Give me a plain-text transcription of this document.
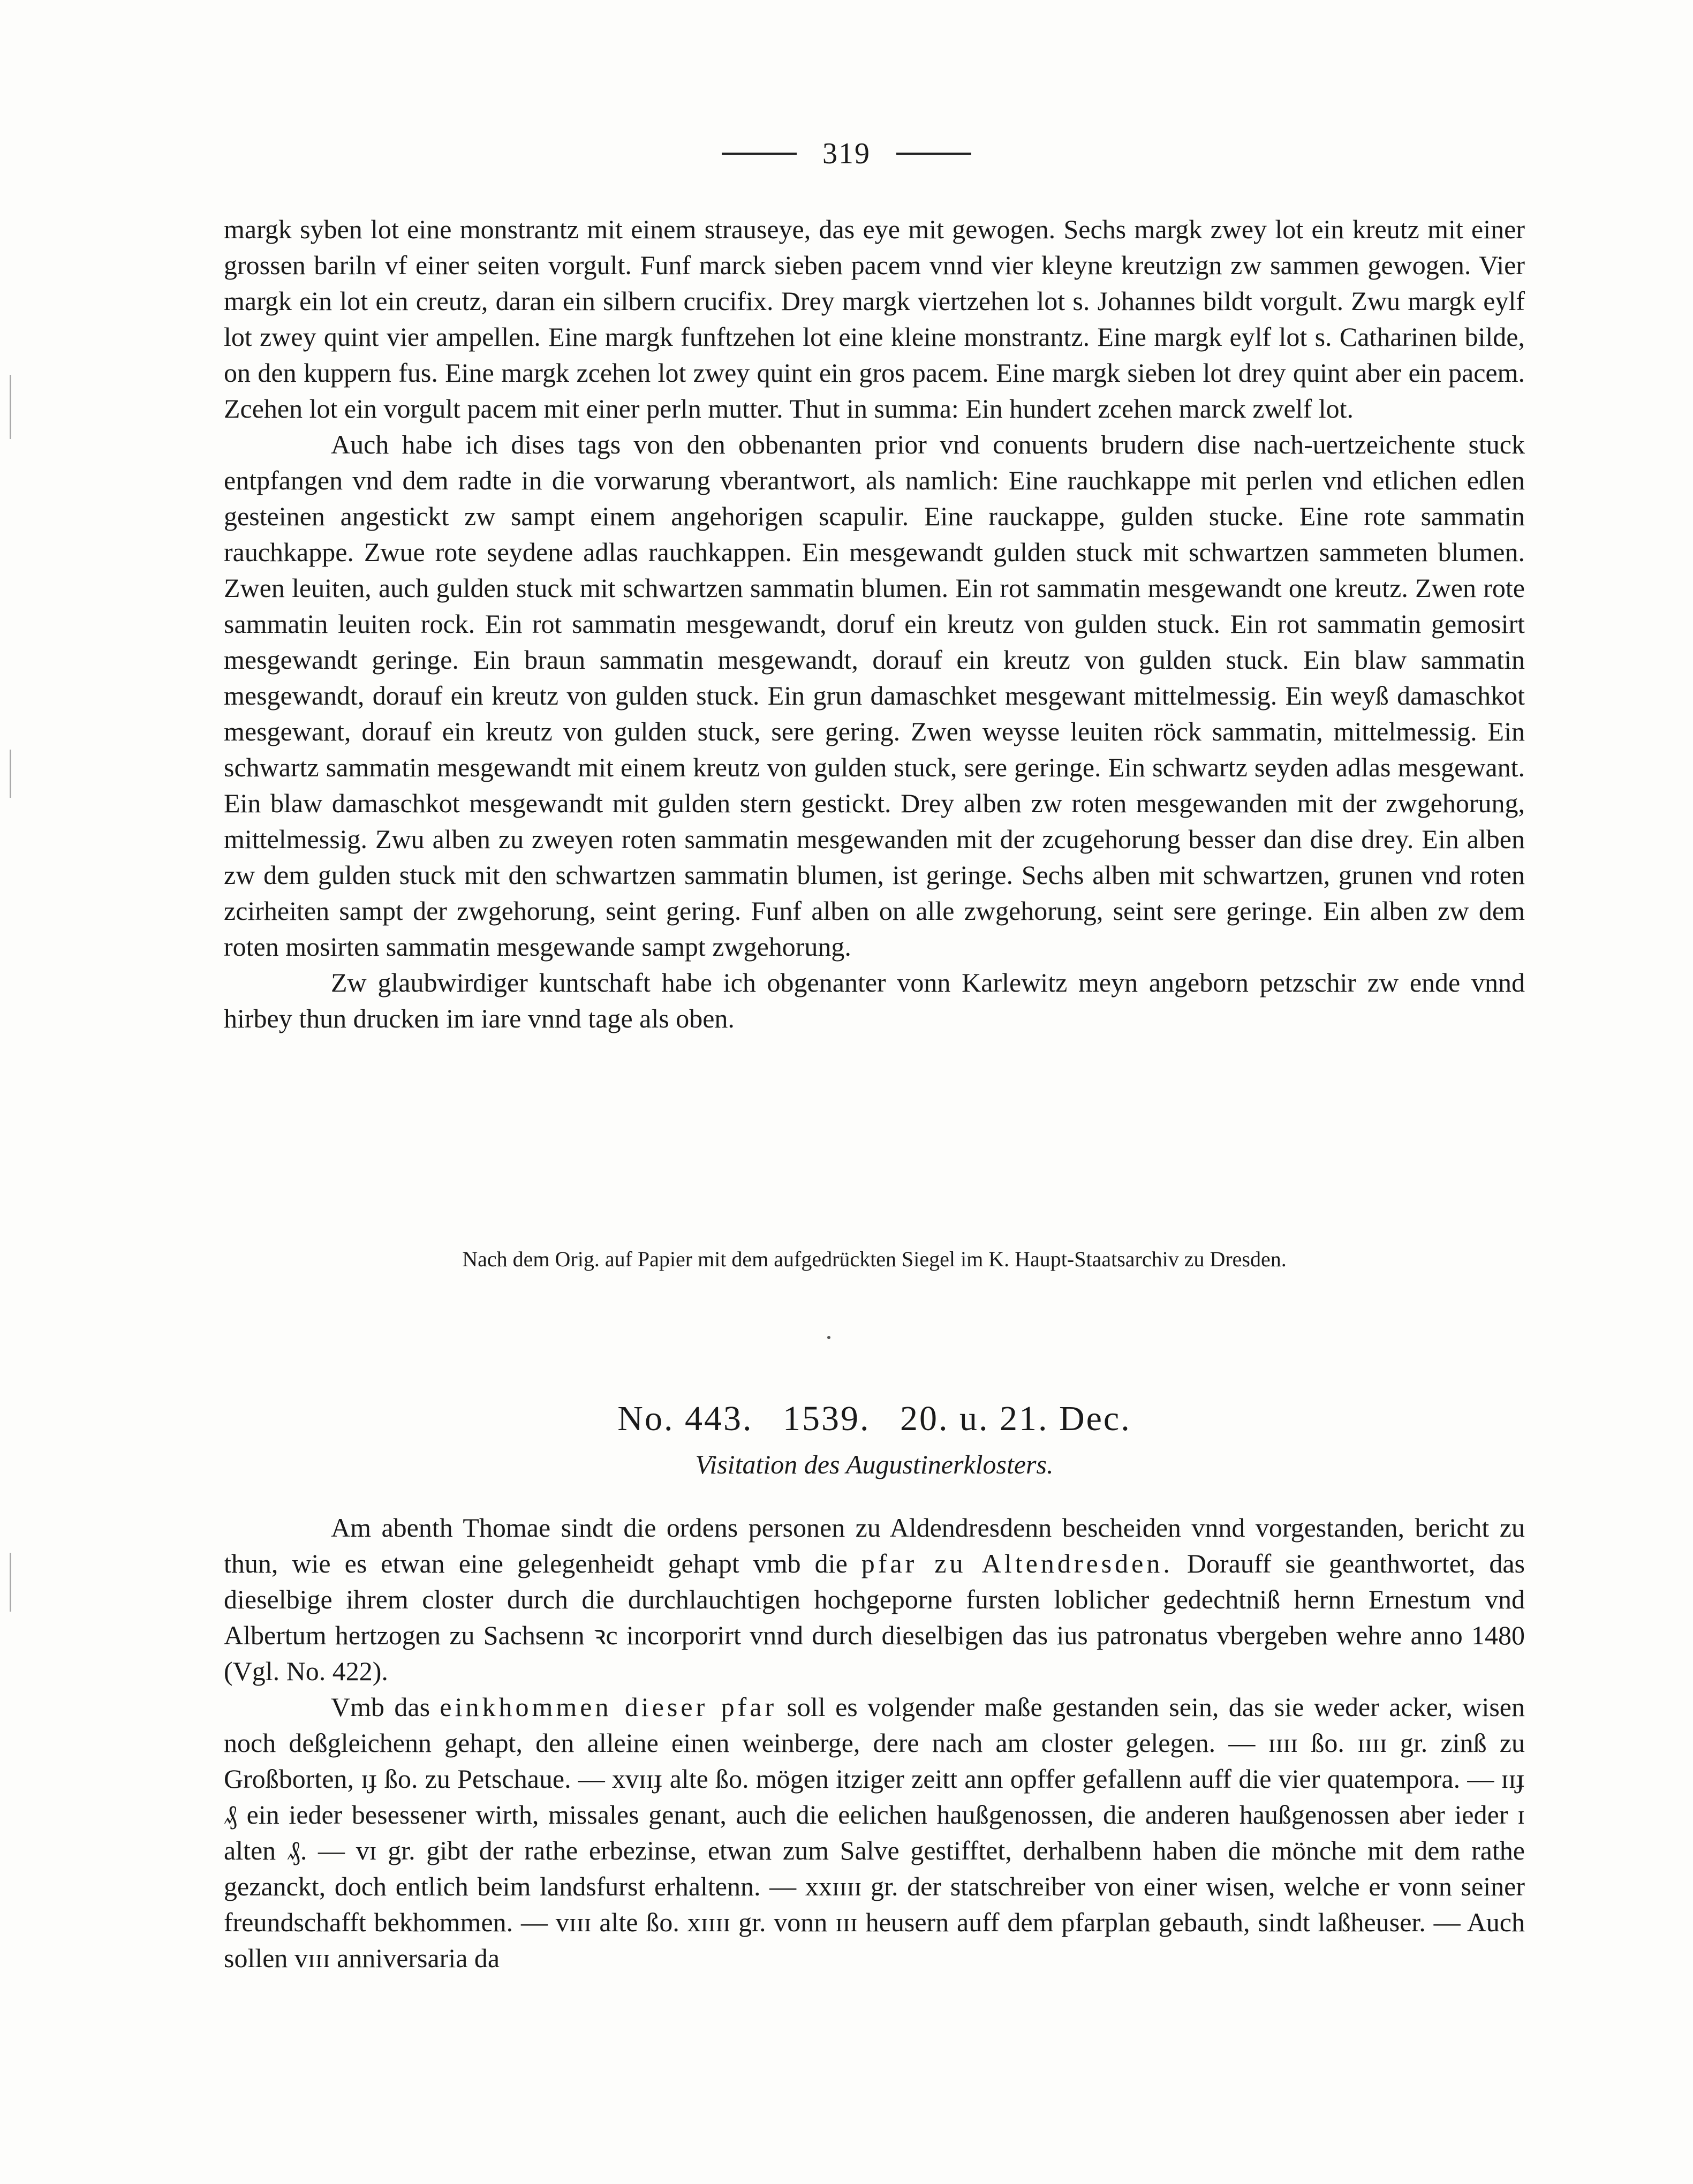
319

margk syben lot eine monstrantz mit einem strauseye, das eye mit gewogen. Sechs margk zwey lot ein kreutz mit einer grossen bariln vf einer seiten vorgult. Funf marck sieben pacem vnnd vier kleyne kreutzign zw sammen gewogen. Vier margk ein lot ein creutz, daran ein silbern crucifix. Drey margk viertzehen lot s. Johannes bildt vorgult. Zwu margk eylf lot zwey quint vier ampellen. Eine margk funftzehen lot eine kleine monstrantz. Eine margk eylf lot s. Catharinen bilde, on den kuppern fus. Eine margk zcehen lot zwey quint ein gros pacem. Eine margk sieben lot drey quint aber ein pacem. Zcehen lot ein vorgult pacem mit einer perln mutter. Thut in summa: Ein hundert zcehen marck zwelf lot.

Auch habe ich dises tags von den obbenanten prior vnd conuents brudern dise nach-uertzeichente stuck entpfangen vnd dem radte in die vorwarung vberantwort, als namlich: Eine rauchkappe mit perlen vnd etlichen edlen gesteinen angestickt zw sampt einem angehorigen scapulir. Eine rauckappe, gulden stucke. Eine rote sammatin rauchkappe. Zwue rote seydene adlas rauchkappen. Ein mesgewandt gulden stuck mit schwartzen sammeten blumen. Zwen leuiten, auch gulden stuck mit schwartzen sammatin blumen. Ein rot sammatin mesgewandt one kreutz. Zwen rote sammatin leuiten rock. Ein rot sammatin mesgewandt, doruf ein kreutz von gulden stuck. Ein rot sammatin gemosirt mesgewandt geringe. Ein braun sammatin mesgewandt, dorauf ein kreutz von gulden stuck. Ein blaw sammatin mesgewandt, dorauf ein kreutz von gulden stuck. Ein grun damaschket mesgewant mittelmessig. Ein weyß damaschkot mesgewant, dorauf ein kreutz von gulden stuck, sere gering. Zwen weysse leuiten röck sammatin, mittelmessig. Ein schwartz sammatin mesgewandt mit einem kreutz von gulden stuck, sere geringe. Ein schwartz seyden adlas mesgewant. Ein blaw damaschkot mesgewandt mit gulden stern gestickt. Drey alben zw roten mesgewanden mit der zwgehorung, mittelmessig. Zwu alben zu zweyen roten sammatin mesgewanden mit der zcugehorung besser dan dise drey. Ein alben zw dem gulden stuck mit den schwartzen sammatin blumen, ist geringe. Sechs alben mit schwartzen, grunen vnd roten zcirheiten sampt der zwgehorung, seint gering. Funf alben on alle zwgehorung, seint sere geringe. Ein alben zw dem roten mosirten sammatin mesgewande sampt zwgehorung.

Zw glaubwirdiger kuntschaft habe ich obgenanter vonn Karlewitz meyn angeborn petzschir zw ende vnnd hirbey thun drucken im iare vnnd tage als oben.

Nach dem Orig. auf Papier mit dem aufgedrückten Siegel im K. Haupt-Staatsarchiv zu Dresden.
No. 443. 1539. 20. u. 21. Dec.
Visitation des Augustinerklosters.

Am abenth Thomae sindt die ordens personen zu Aldendresdenn bescheiden vnnd vorgestanden, bericht zu thun, wie es etwan eine gelegenheidt gehapt vmb die pfar zu Altendresden. Dorauff sie geanthwortet, das dieselbige ihrem closter durch die durchlauchtigen hochgeporne fursten loblicher gedechtniß hernn Ernestum vnd Albertum hertzogen zu Sachsenn ꝛc incorporirt vnnd durch dieselbigen das ius patronatus vbergeben wehre anno 1480 (Vgl. No. 422).

Vmb das einkhommen dieser pfar soll es volgender maße gestanden sein, das sie weder acker, wisen noch deßgleichenn gehapt, den alleine einen weinberge, dere nach am closter gelegen. — ɪɪɪɪ ßo. ɪɪɪɪ gr. zinß zu Großborten, ɪɟ ßo. zu Petschaue. — xᴠɪɪɟ alte ßo. mögen itziger zeitt ann opffer gefallenn auff die vier quatempora. — ɪɪɟ ₰ ein ieder besessener wirth, missales genant, auch die eelichen haußgenossen, die anderen haußgenossen aber ieder ɪ alten ₰. — ᴠɪ gr. gibt der rathe erbezinse, etwan zum Salve gestifftet, derhalbenn haben die mönche mit dem rathe gezanckt, doch entlich beim landsfurst erhaltenn. — xxɪɪɪɪ gr. der statschreiber von einer wisen, welche er vonn seiner freundschafft bekhommen. — ᴠɪɪɪ alte ßo. xɪɪɪɪ gr. vonn ɪɪɪ heusern auff dem pfarplan gebauth, sindt laßheuser. — Auch sollen ᴠɪɪɪ anniversaria da
